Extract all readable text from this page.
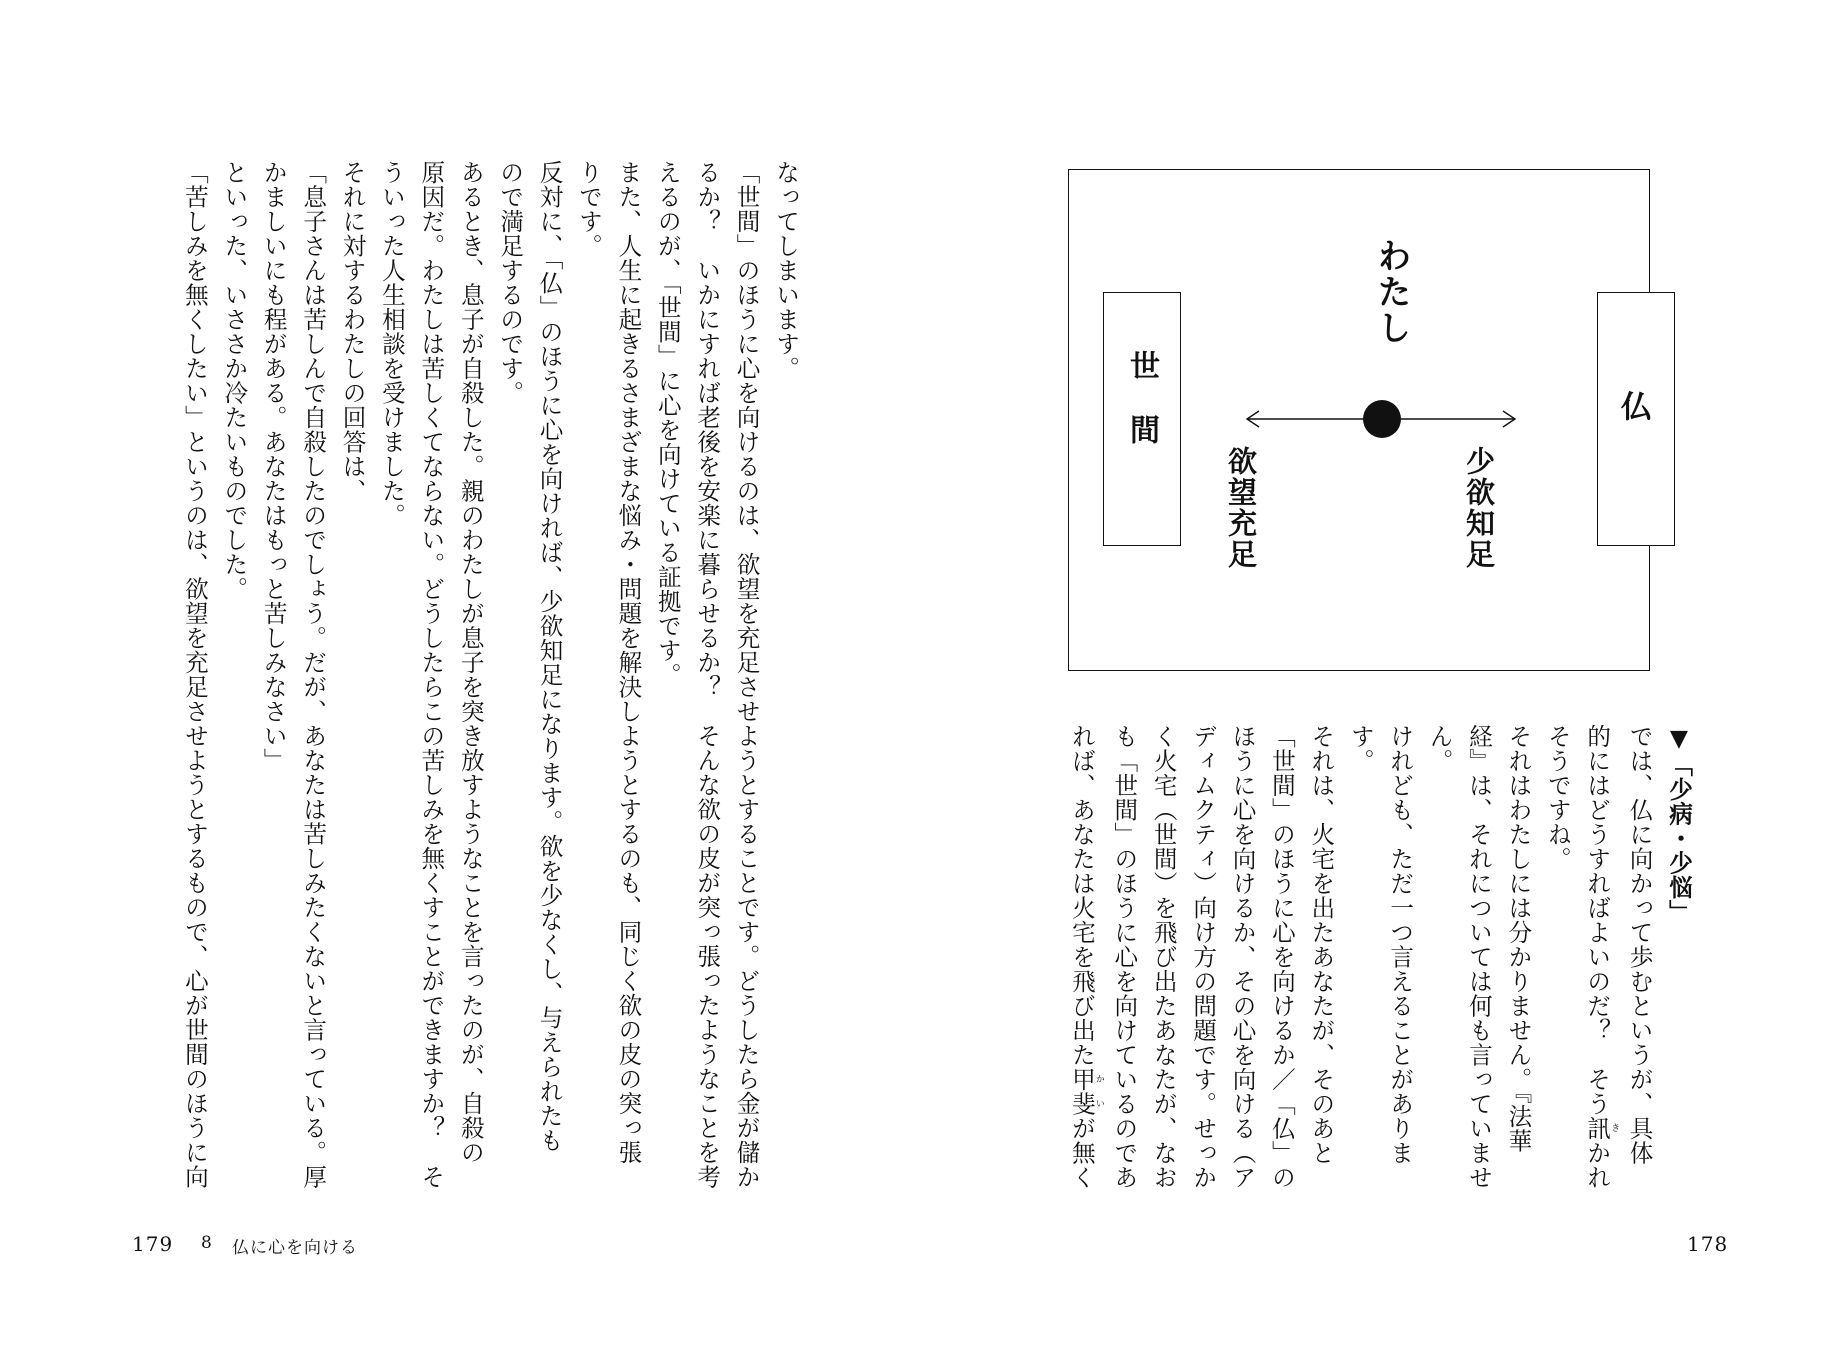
なってしまいます。
「世間」のほうに心を向けるのは、欲望を充足させようとすることです。どうしたら金が儲か
るか？　いかにすれば老後を安楽に暮らせるか？　そんな欲の皮が突っ張ったようなことを考
えるのが、「世間」に心を向けている証拠です。
また、人生に起きるさまざまな悩み・問題を解決しようとするのも、同じく欲の皮の突っ張
りです。
反対に、「仏」のほうに心を向ければ、少欲知足になります。欲を少なくし、与えられたも
ので満足するのです。
あるとき、息子が自殺した。親のわたしが息子を突き放すようなことを言ったのが、自殺の
原因だ。わたしは苦しくてならない。どうしたらこの苦しみを無くすことができますか？　そ
ういった人生相談を受けました。
それに対するわたしの回答は、
「息子さんは苦しんで自殺したのでしょう。だが、あなたは苦しみたくないと言っている。厚
かましいにも程がある。あなたはもっと苦しみなさい」
といった、いささか冷たいものでした。
「苦しみを無くしたい」というのは、欲望を充足させようとするもので、心が世間のほうに向
179 8 仏に心を向ける
世間	仏
わたし
欲望充足	少欲知足
▼「少病・少悩」
では、仏に向かって歩むというが、具体
的にはどうすればよいのだ？　そう訊きかれ
そうですね。
それはわたしには分かりません。『法華
経』は、それについては何も言っていませ
ん。
けれども、ただ一つ言えることがありま
す。
それは、火宅を出たあなたが、そのあと
「世間」のほうに心を向けるか／「仏」の
ほうに心を向けるか、その心を向ける（ア
ディムクティ）向け方の問題です。せっか
く火宅（世間）を飛び出たあなたが、なお
も「世間」のほうに心を向けているのであ
れば、あなたは火宅を飛び出た甲斐かいが無く
178
